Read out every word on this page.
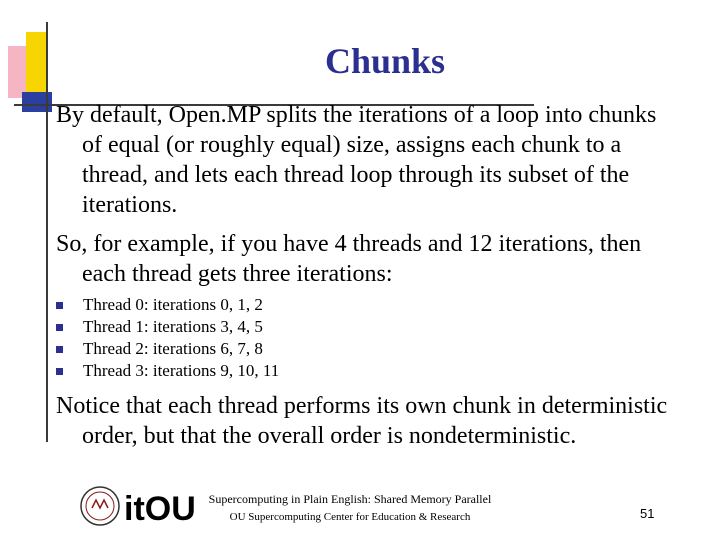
Chunks
By default, Open.MP splits the iterations of a loop into chunks of equal (or roughly equal) size, assigns each chunk to a thread, and lets each thread loop through its subset of the iterations.
So, for example, if you have 4 threads and 12 iterations, then each thread gets three iterations:
Thread 0: iterations 0, 1, 2
Thread 1: iterations 3, 4, 5
Thread 2: iterations 6, 7, 8
Thread 3: iterations 9, 10, 11
Notice that each thread performs its own chunk in deterministic order, but that the overall order is nondeterministic.
itOU	Supercomputing in Plain English: Shared Memory Parallel
OU Supercomputing Center for Education & Research	51
